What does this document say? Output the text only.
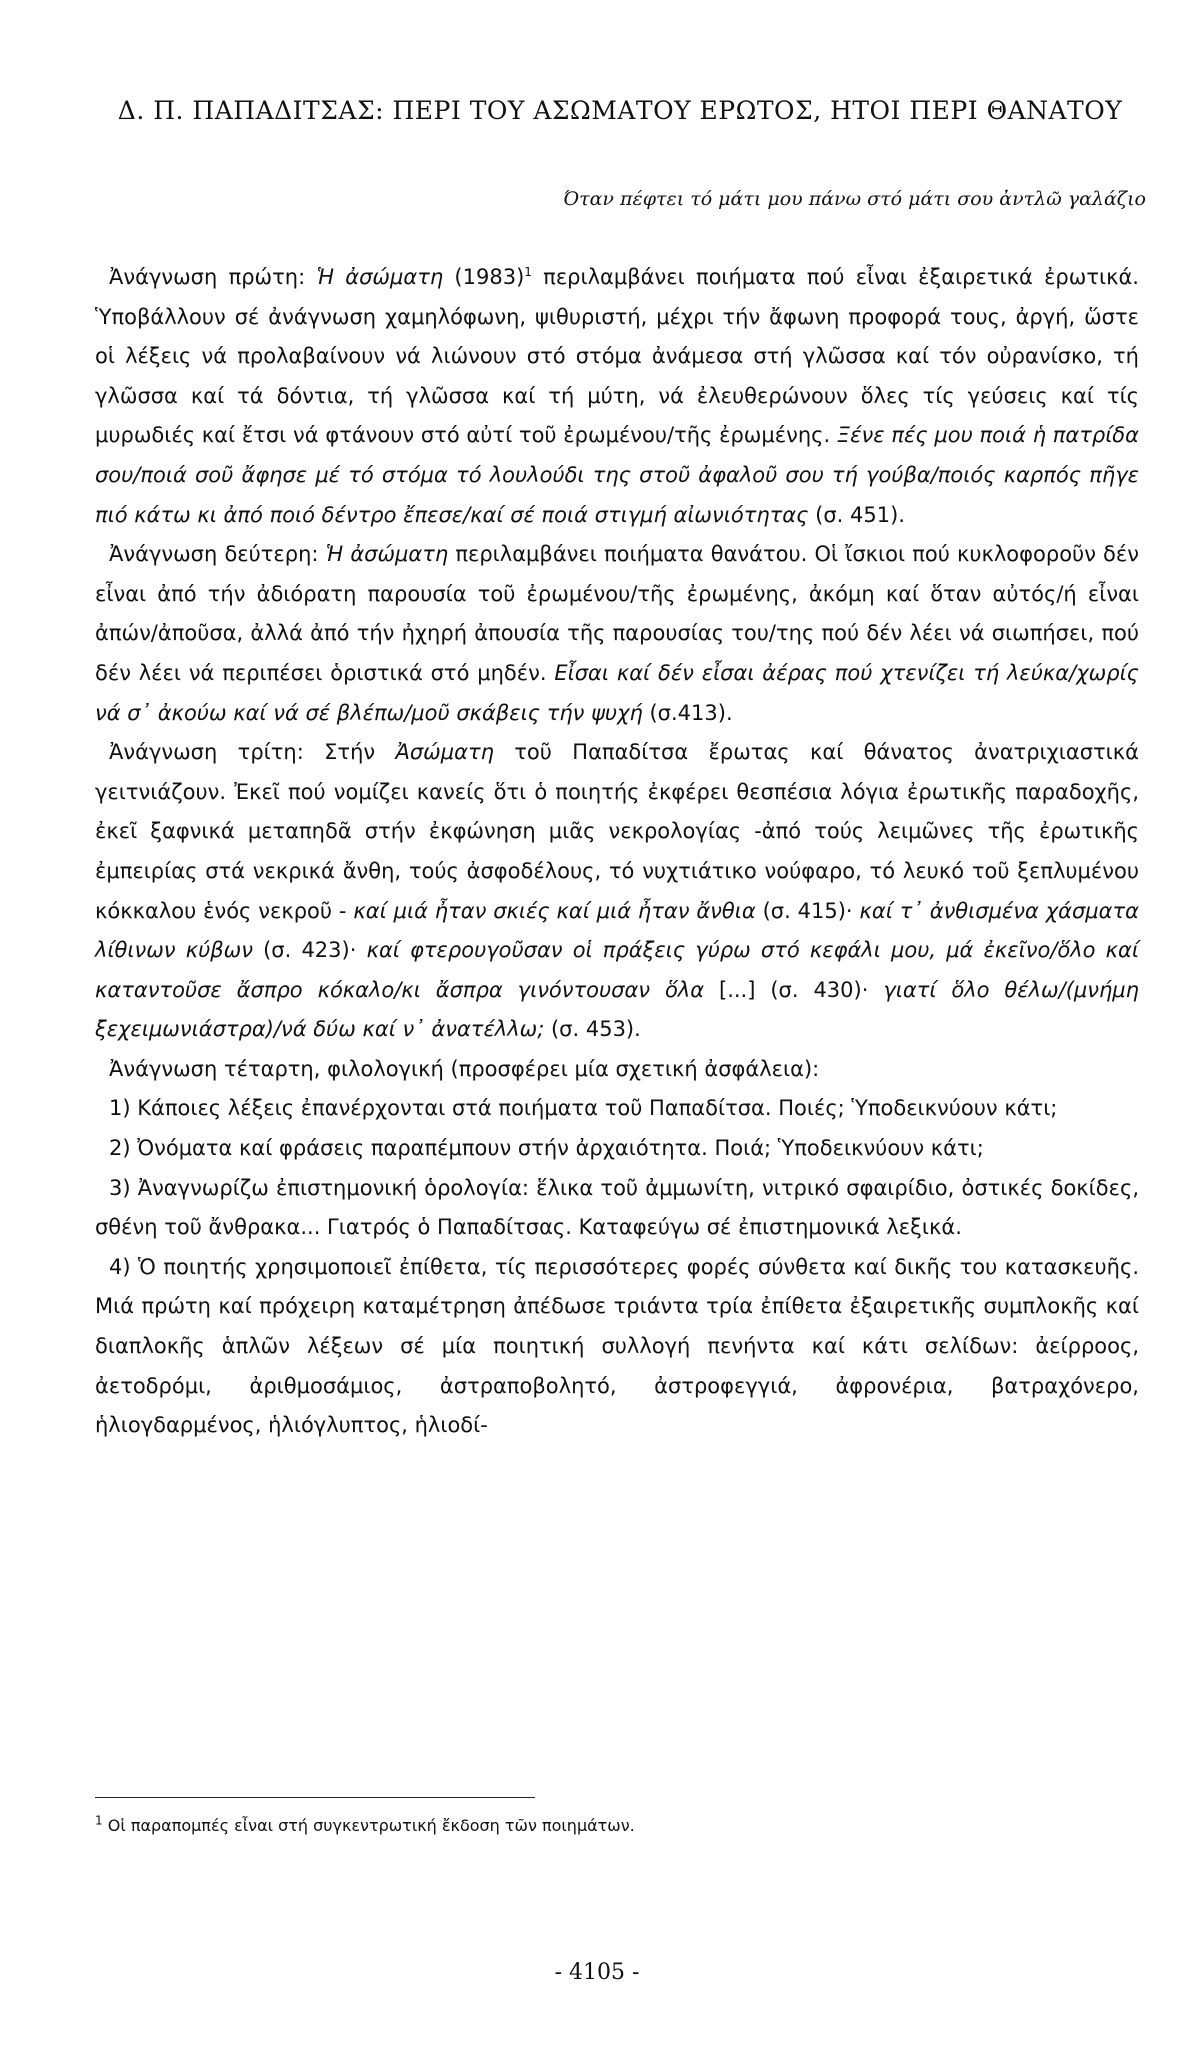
Δ. Π. ΠΑΠΑΔΙΤΣΑΣ: ΠΕΡΙ ΤΟΥ ΑΣΩΜΑΤΟΥ ΕΡΩΤΟΣ, ΗΤΟΙ ΠΕΡΙ ΘΑΝΑΤΟΥ
Όταν πέφτει τό μάτι μου πάνω στό μάτι σου ἀντλῶ γαλάζιο

Ἀνάγνωση πρώτη: Ἡ ἀσώματη (1983)$^1$ περιλαμβάνει ποιήματα πού εἶναι ἐξαιρετικά ἐρωτικά. Ὑποβάλλουν σέ ἀνάγνωση χαμηλόφωνη, ψιθυριστή, μέχρι τήν ἄφωνη προφορά τους, ἀργή, ὥστε οἱ λέξεις νά προλαβαίνουν νά λιώνουν στό στόμα ἀνάμεσα στή γλῶσσα καί τόν οὐρανίσκο, τή γλῶσσα καί τά δόντια, τή γλῶσσα καί τή μύτη, νά ἐλευθερώνουν ὅλες τίς γεύσεις καί τίς μυρωδιές καί ἔτσι νά φτάνουν στό αὐτί τοῦ ἐρωμένου/τῆς ἐρωμένης. Ξένε πές μου ποιά ἡ πατρίδα σου/ποιά σοῦ ἄφησε μέ τό στόμα τό λουλούδι της στοῦ ἀφαλοῦ σου τή γούβα/ποιός καρπός πῆγε πιό κάτω κι ἀπό ποιό δέντρο ἔπεσε/καί σέ ποιά στιγμή αἰωνιότητας (σ. 451).

Ἀνάγνωση δεύτερη: Ἡ ἀσώματη περιλαμβάνει ποιήματα θανάτου. Οἱ ἴσκιοι πού κυκλοφοροῦν δέν εἶναι ἀπό τήν ἀδιόρατη παρουσία τοῦ ἐρωμένου/τῆς ἐρωμένης, ἀκόμη καί ὅταν αὐτός/ή εἶναι ἀπών/ἀποῦσα, ἀλλά ἀπό τήν ἠχηρή ἀπουσία τῆς παρουσίας του/της πού δέν λέει νά σιωπήσει, πού δέν λέει νά περιπέσει ὁριστικά στό μηδέν. Εἶσαι καί δέν εἶσαι ἀέρας πού χτενίζει τή λεύκα/χωρίς νά σ᾽ ἀκούω καί νά σέ βλέπω/μοῦ σκάβεις τήν ψυχή (σ.413).

Ἀνάγνωση τρίτη: Στήν Ἀσώματη τοῦ Παπαδίτσα ἔρωτας καί θάνατος ἀνατριχιαστικά γειτνιάζουν. Ἐκεῖ πού νομίζει κανείς ὅτι ὁ ποιητής ἐκφέρει θεσπέσια λόγια ἐρωτικῆς παραδοχῆς, ἐκεῖ ξαφνικά μεταπηδᾶ στήν ἐκφώνηση μιᾶς νεκρολογίας -ἀπό τούς λειμῶνες τῆς ἐρωτικῆς ἐμπειρίας στά νεκρικά ἄνθη, τούς ἀσφοδέλους, τό νυχτιάτικο νούφαρο, τό λευκό τοῦ ξεπλυμένου κόκκαλου ἑνός νεκροῦ - καί μιά ἦταν σκιές καί μιά ἦταν ἄνθια (σ. 415)· καί τ᾽ ἀνθισμένα χάσματα λίθινων κύβων (σ. 423)· καί φτερουγοῦσαν οἱ πράξεις γύρω στό κεφάλι μου, μά ἐκεῖνο/ὅλο καί καταντοῦσε ἄσπρο κόκαλο/κι ἄσπρα γινόντουσαν ὅλα [...] (σ. 430)· γιατί ὅλο θέλω/(μνήμη ξεχειμωνιάστρα)/νά δύω καί ν᾽ ἀνατέλλω; (σ. 453).

Ἀνάγνωση τέταρτη, φιλολογική (προσφέρει μία σχετική ἀσφάλεια):

1) Κάποιες λέξεις ἐπανέρχονται στά ποιήματα τοῦ Παπαδίτσα. Ποιές; Ὑποδεικνύουν κάτι;

2) Ὀνόματα καί φράσεις παραπέμπουν στήν ἀρχαιότητα. Ποιά; Ὑποδεικνύουν κάτι;

3) Ἀναγνωρίζω ἐπιστημονική ὁρολογία: ἕλικα τοῦ ἀμμωνίτη, νιτρικό σφαιρίδιο, ὀστικές δοκίδες, σθένη τοῦ ἄνθρακα... Γιατρός ὁ Παπαδίτσας. Καταφεύγω σέ ἐπιστημονικά λεξικά.

4) Ὁ ποιητής χρησιμοποιεῖ ἐπίθετα, τίς περισσότερες φορές σύνθετα καί δικῆς του κατασκευῆς. Μιά πρώτη καί πρόχειρη καταμέτρηση ἀπέδωσε τριάντα τρία ἐπίθετα ἐξαιρετικῆς συμπλοκῆς καί διαπλοκῆς ἁπλῶν λέξεων σέ μία ποιητική συλλογή πενήντα καί κάτι σελίδων: ἀείρροος, ἀετοδρόμι, ἀριθμοσάμιος, ἀστραποβολητό, ἀστροφεγγιά, ἀφρονέρια, βατραχόνερο, ἡλιογδαρμένος, ἡλιόγλυπτος, ἡλιοδί-

$^1$ Οἱ παραπομπές εἶναι στή συγκεντρωτική ἔκδοση τῶν ποιημάτων.
- 4105 -
